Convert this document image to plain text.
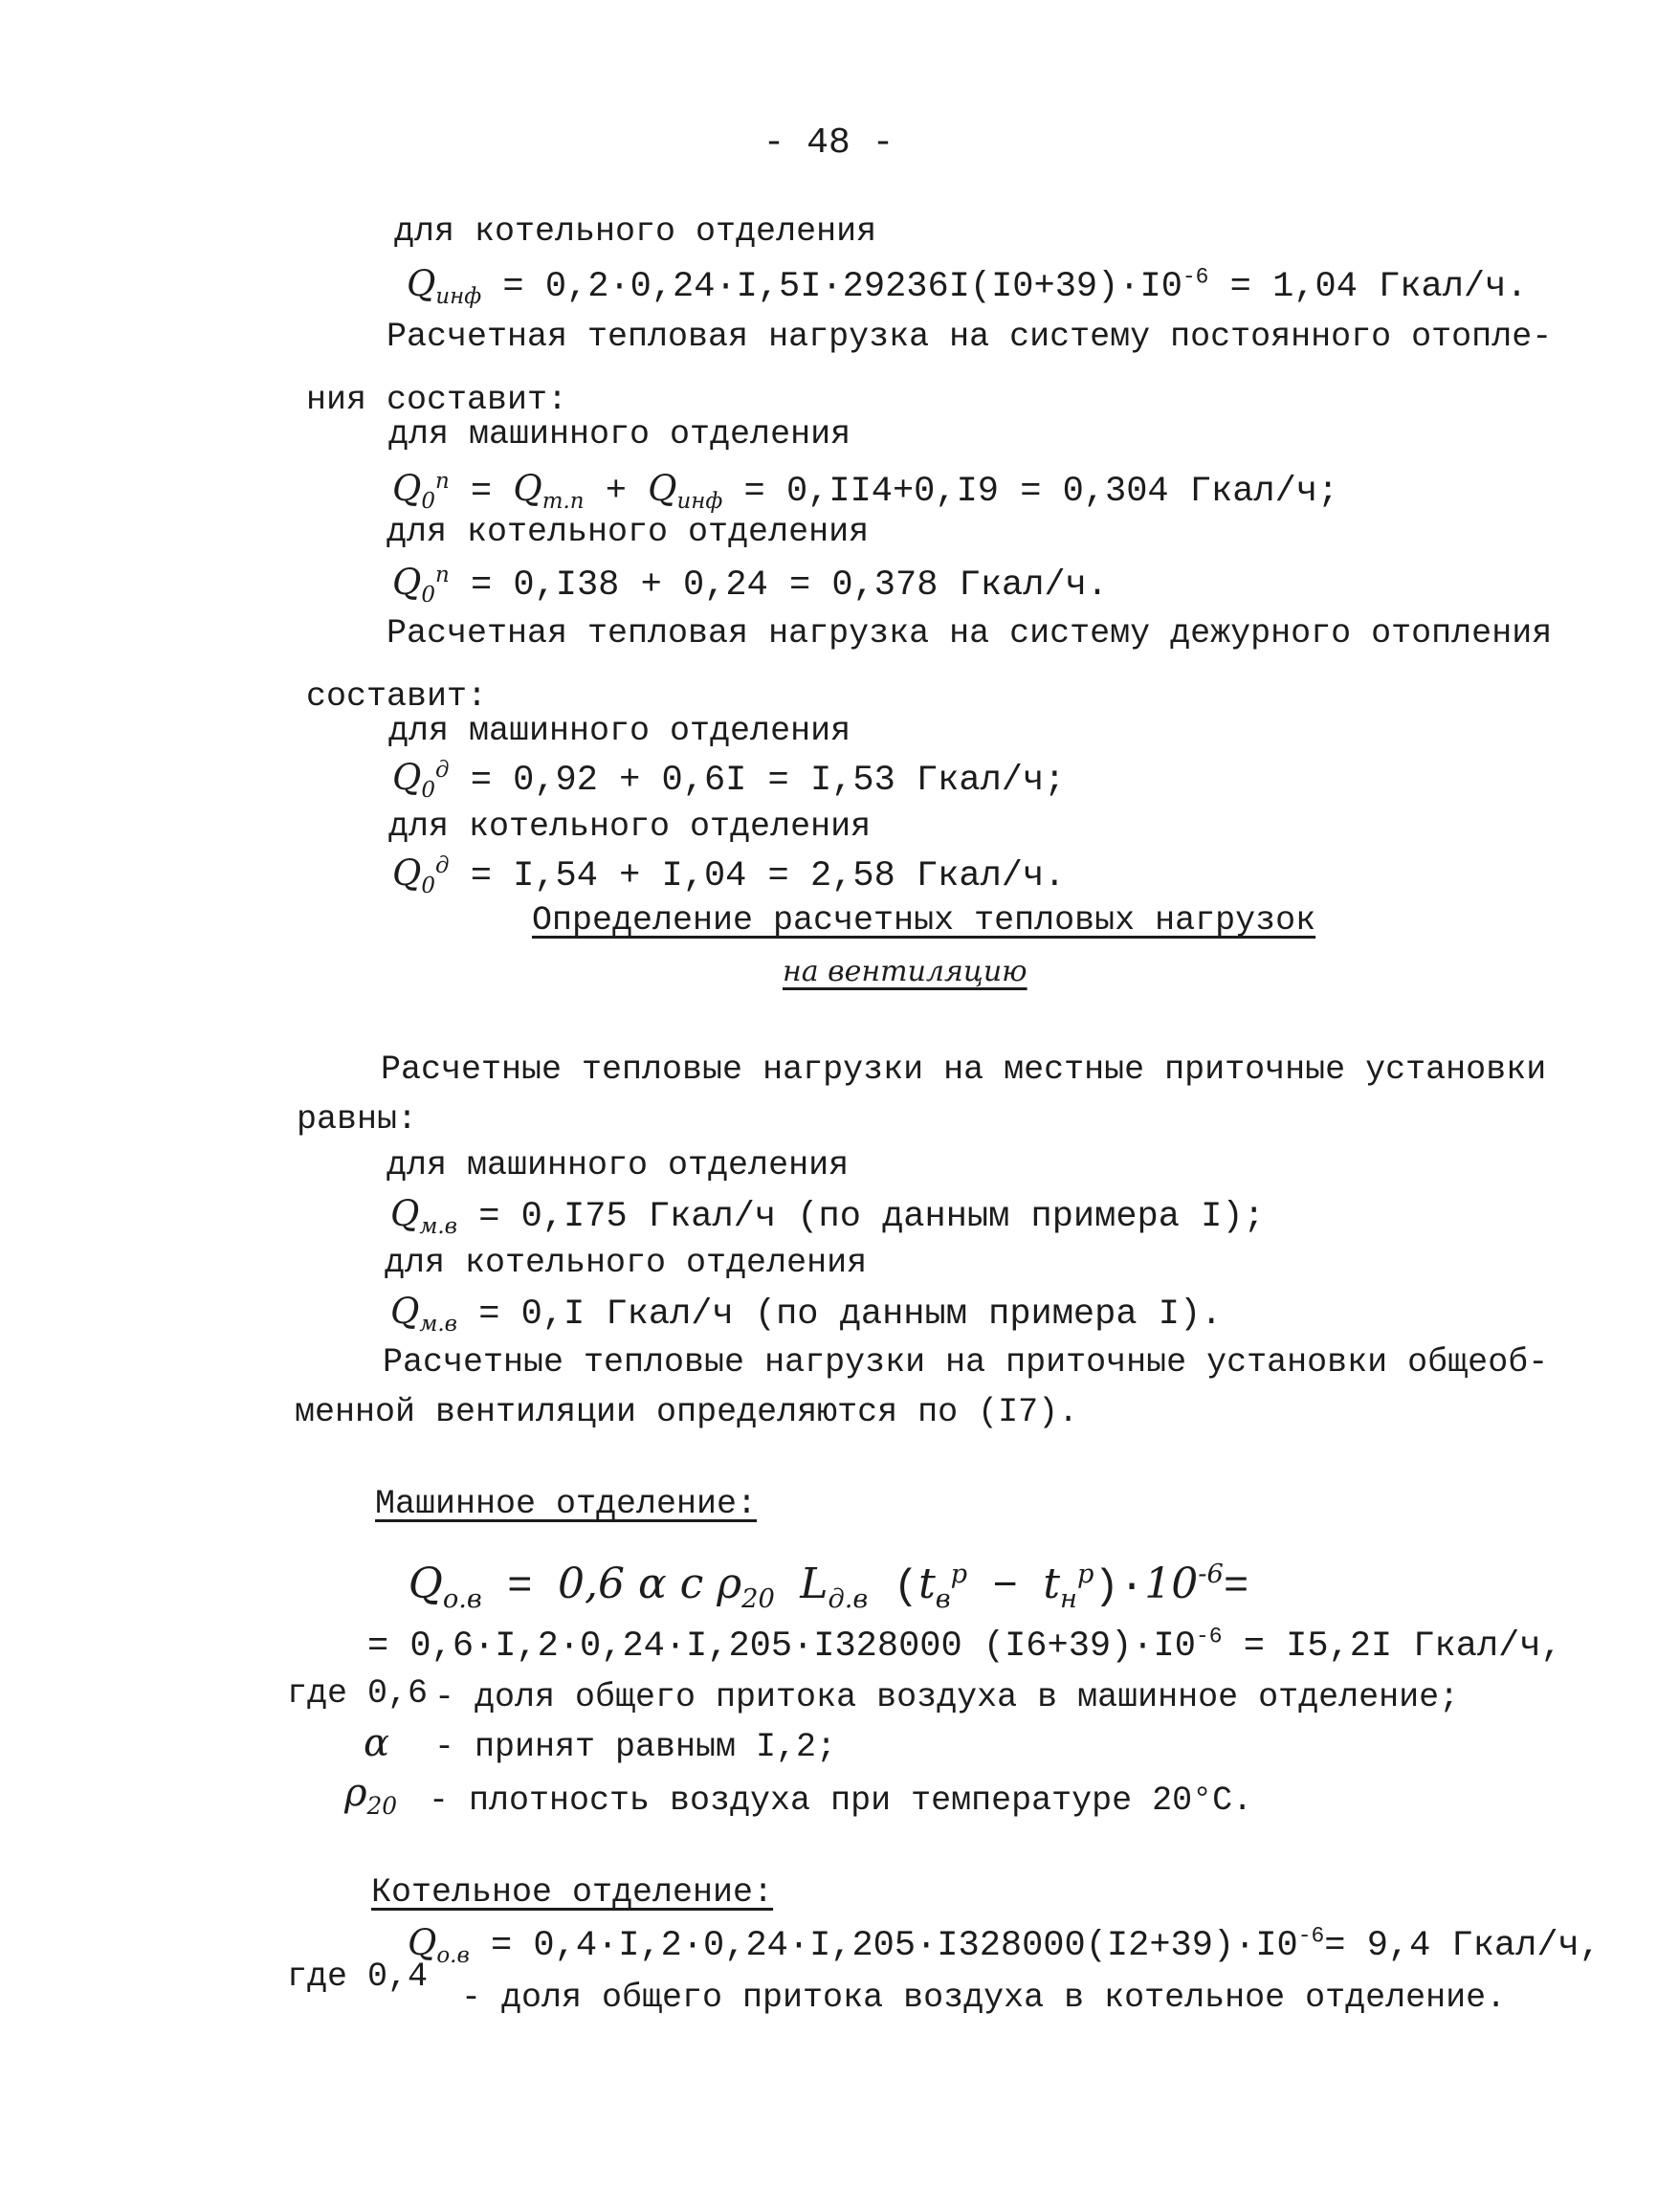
- 48 -
для котельного отделения
$Q_{инф} = 0,2\cdot 0,24\cdot I,5I\cdot 29236I(I0+39)\cdot I0^{-6} = 1,04$ Гкал/ч.
Расчетная тепловая нагрузка на систему постоянного отопле-
ния составит:
для машинного отделения
$Q_0^п = Q_{т.п} + Q_{инф} = 0,II4+0,I9 = 0,304$ Гкал/ч;
для котельного отделения
$Q_0^п = 0,I38 + 0,24 = 0,378$ Гкал/ч.
Расчетная тепловая нагрузка на систему дежурного отопления
составит:
для машинного отделения
$Q_0^д = 0,92 + 0,6I = I,53$ Гкал/ч;
для котельного отделения
$Q_0^д = I,54 + I,04 = 2,58$ Гкал/ч.
Определение расчетных тепловых нагрузок
на вентиляцию
Расчетные тепловые нагрузки на местные приточные установки
равны:
для машинного отделения
$Q_{м.в} = 0,I75$ Гкал/ч (по данным примера I);
для котельного отделения
$Q_{м.в} = 0,I$ Гкал/ч (по данным примера I).
Расчетные тепловые нагрузки на приточные установки общеоб-
менной вентиляции определяются по (I7).
Машинное отделение:
$Q_{о.в} = 0,6$ α c $\rho_{20}$ $L_{д.в}$ $(t_в^р - t_н^р)\cdot 10^{-6}=$
= 0,6·I,2·0,24·I,205·I328000 $(I6+39)\cdot I0^{-6} = I5,2I$ Гкал/ч,
где 0,6 - доля общего притока воздуха в машинное отделение;
α - принят равным I,2;
$\rho_{20}$ - плотность воздуха при температуре 20°С.
Котельное отделение:
$Q_{о.в} = 0,4\cdot I,2\cdot 0,24\cdot I,205\cdot I328000(I2+39)\cdot I0^{-6}= 9,4$ Гкал/ч,
где 0,4
- доля общего притока воздуха в котельное отделение.
